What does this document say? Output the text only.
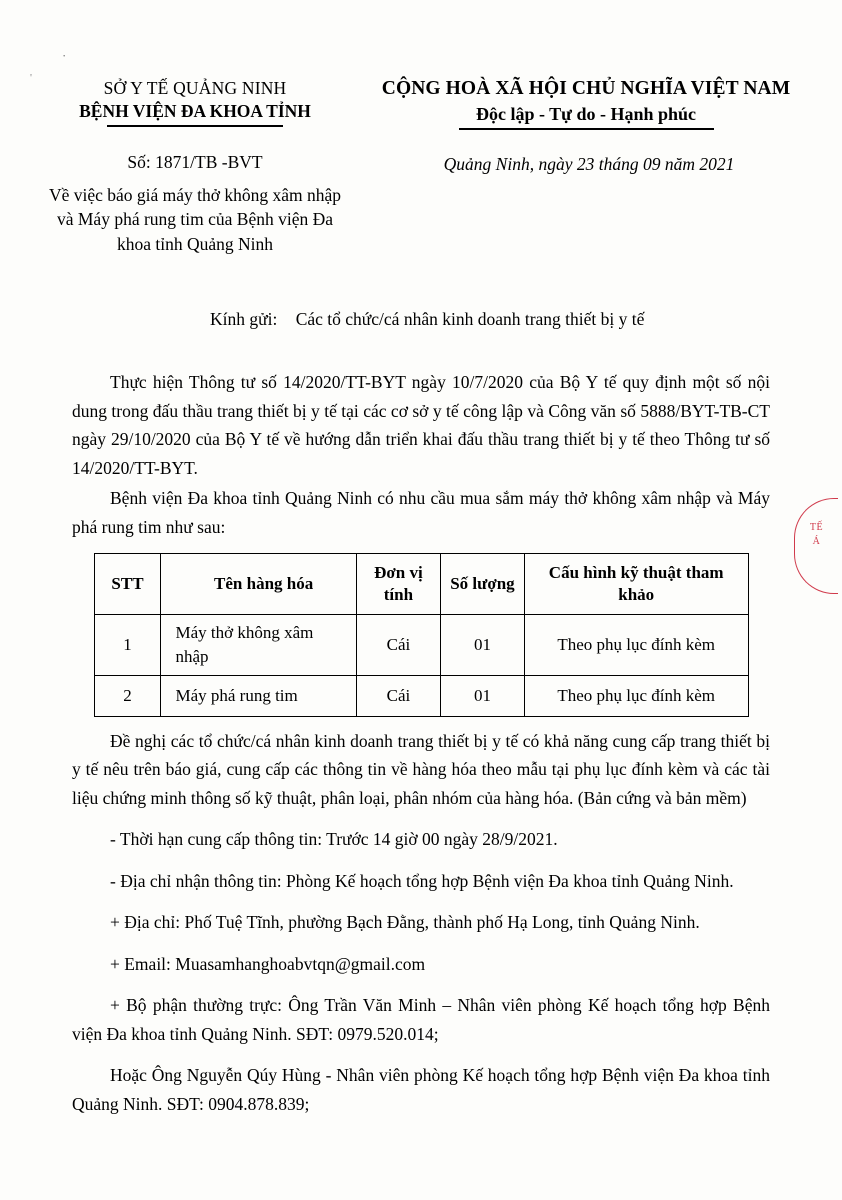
·
'	SỞ Y TẾ QUẢNG NINH
BỆNH VIỆN ĐA KHOA TỈNH
CỘNG HOÀ XÃ HỘI CHỦ NGHĨA VIỆT NAM
Độc lập - Tự do - Hạnh phúc
Số: 1871/TB -BVT
Về việc báo giá máy thở không xâm nhập và Máy phá rung tim của Bệnh viện Đa khoa tỉnh Quảng Ninh
Quảng Ninh, ngày 23 tháng 09 năm 2021
Kính gửi: Các tổ chức/cá nhân kinh doanh trang thiết bị y tế
Thực hiện Thông tư số 14/2020/TT-BYT ngày 10/7/2020 của Bộ Y tế quy định một số nội dung trong đấu thầu trang thiết bị y tế tại các cơ sở y tế công lập và Công văn số 5888/BYT-TB-CT ngày 29/10/2020 của Bộ Y tế về hướng dẫn triển khai đấu thầu trang thiết bị y tế theo Thông tư số 14/2020/TT-BYT.
Bệnh viện Đa khoa tỉnh Quảng Ninh có nhu cầu mua sắm máy thở không xâm nhập và Máy phá rung tim như sau:
STT	Tên hàng hóa	Đơn vị tính	Số lượng	Cấu hình kỹ thuật tham khảo
1	Máy thở không xâm nhập	Cái	01	Theo phụ lục đính kèm
2	Máy phá rung tim	Cái	01	Theo phụ lục đính kèm
Đề nghị các tổ chức/cá nhân kinh doanh trang thiết bị y tế có khả năng cung cấp trang thiết bị y tế nêu trên báo giá, cung cấp các thông tin về hàng hóa theo mẫu tại phụ lục đính kèm và các tài liệu chứng minh thông số kỹ thuật, phân loại, phân nhóm của hàng hóa. (Bản cứng và bản mềm)
- Thời hạn cung cấp thông tin: Trước 14 giờ 00 ngày 28/9/2021.
- Địa chỉ nhận thông tin: Phòng Kế hoạch tổng hợp Bệnh viện Đa khoa tỉnh Quảng Ninh.
+ Địa chỉ: Phố Tuệ Tĩnh, phường Bạch Đằng, thành phố Hạ Long, tỉnh Quảng Ninh.
+ Email: Muasamhanghoabvtqn@gmail.com
+ Bộ phận thường trực: Ông Trần Văn Minh – Nhân viên phòng Kế hoạch tổng hợp Bệnh viện Đa khoa tỉnh Quảng Ninh. SĐT: 0979.520.014;
Hoặc Ông Nguyễn Qúy Hùng - Nhân viên phòng Kế hoạch tổng hợp Bệnh viện Đa khoa tỉnh Quảng Ninh. SĐT: 0904.878.839;
TẾ
Á
